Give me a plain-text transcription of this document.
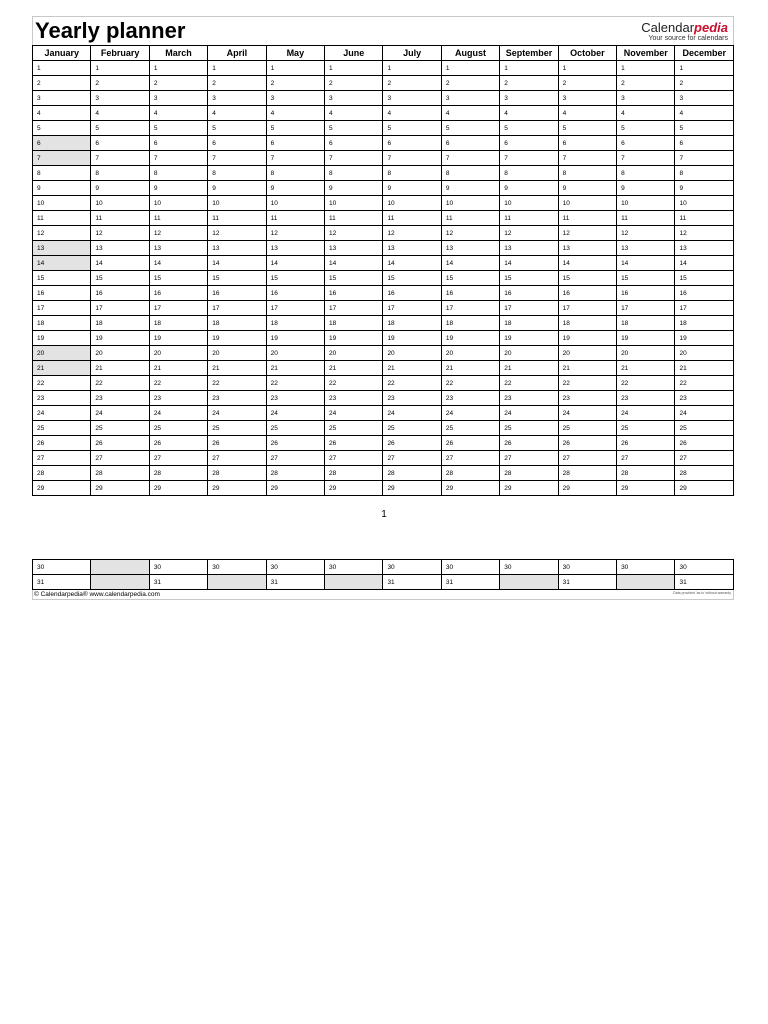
Yearly planner	Calendarpedia
Your source for calendars
January	February	March	April	May	June	July	August	September	October	November	December
1	1	1	1	1	1	1	1	1	1	1	1
2	2	2	2	2	2	2	2	2	2	2	2
3	3	3	3	3	3	3	3	3	3	3	3
4	4	4	4	4	4	4	4	4	4	4	4
5	5	5	5	5	5	5	5	5	5	5	5
6	6	6	6	6	6	6	6	6	6	6	6
7	7	7	7	7	7	7	7	7	7	7	7
8	8	8	8	8	8	8	8	8	8	8	8
9	9	9	9	9	9	9	9	9	9	9	9
10	10	10	10	10	10	10	10	10	10	10	10
11	11	11	11	11	11	11	11	11	11	11	11
12	12	12	12	12	12	12	12	12	12	12	12
13	13	13	13	13	13	13	13	13	13	13	13
14	14	14	14	14	14	14	14	14	14	14	14
15	15	15	15	15	15	15	15	15	15	15	15
16	16	16	16	16	16	16	16	16	16	16	16
17	17	17	17	17	17	17	17	17	17	17	17
18	18	18	18	18	18	18	18	18	18	18	18
19	19	19	19	19	19	19	19	19	19	19	19
20	20	20	20	20	20	20	20	20	20	20	20
21	21	21	21	21	21	21	21	21	21	21	21
22	22	22	22	22	22	22	22	22	22	22	22
23	23	23	23	23	23	23	23	23	23	23	23
24	24	24	24	24	24	24	24	24	24	24	24
25	25	25	25	25	25	25	25	25	25	25	25
26	26	26	26	26	26	26	26	26	26	26	26
27	27	27	27	27	27	27	27	27	27	27	27
28	28	28	28	28	28	28	28	28	28	28	28
29	29	29	29	29	29	29	29	29	29	29	29
1
30		30	30	30	30	30	30	30	30	30	30
31		31		31		31	31		31		31
© Calendarpedia® www.calendarpedia.com	Data provided 'as is' without warranty
